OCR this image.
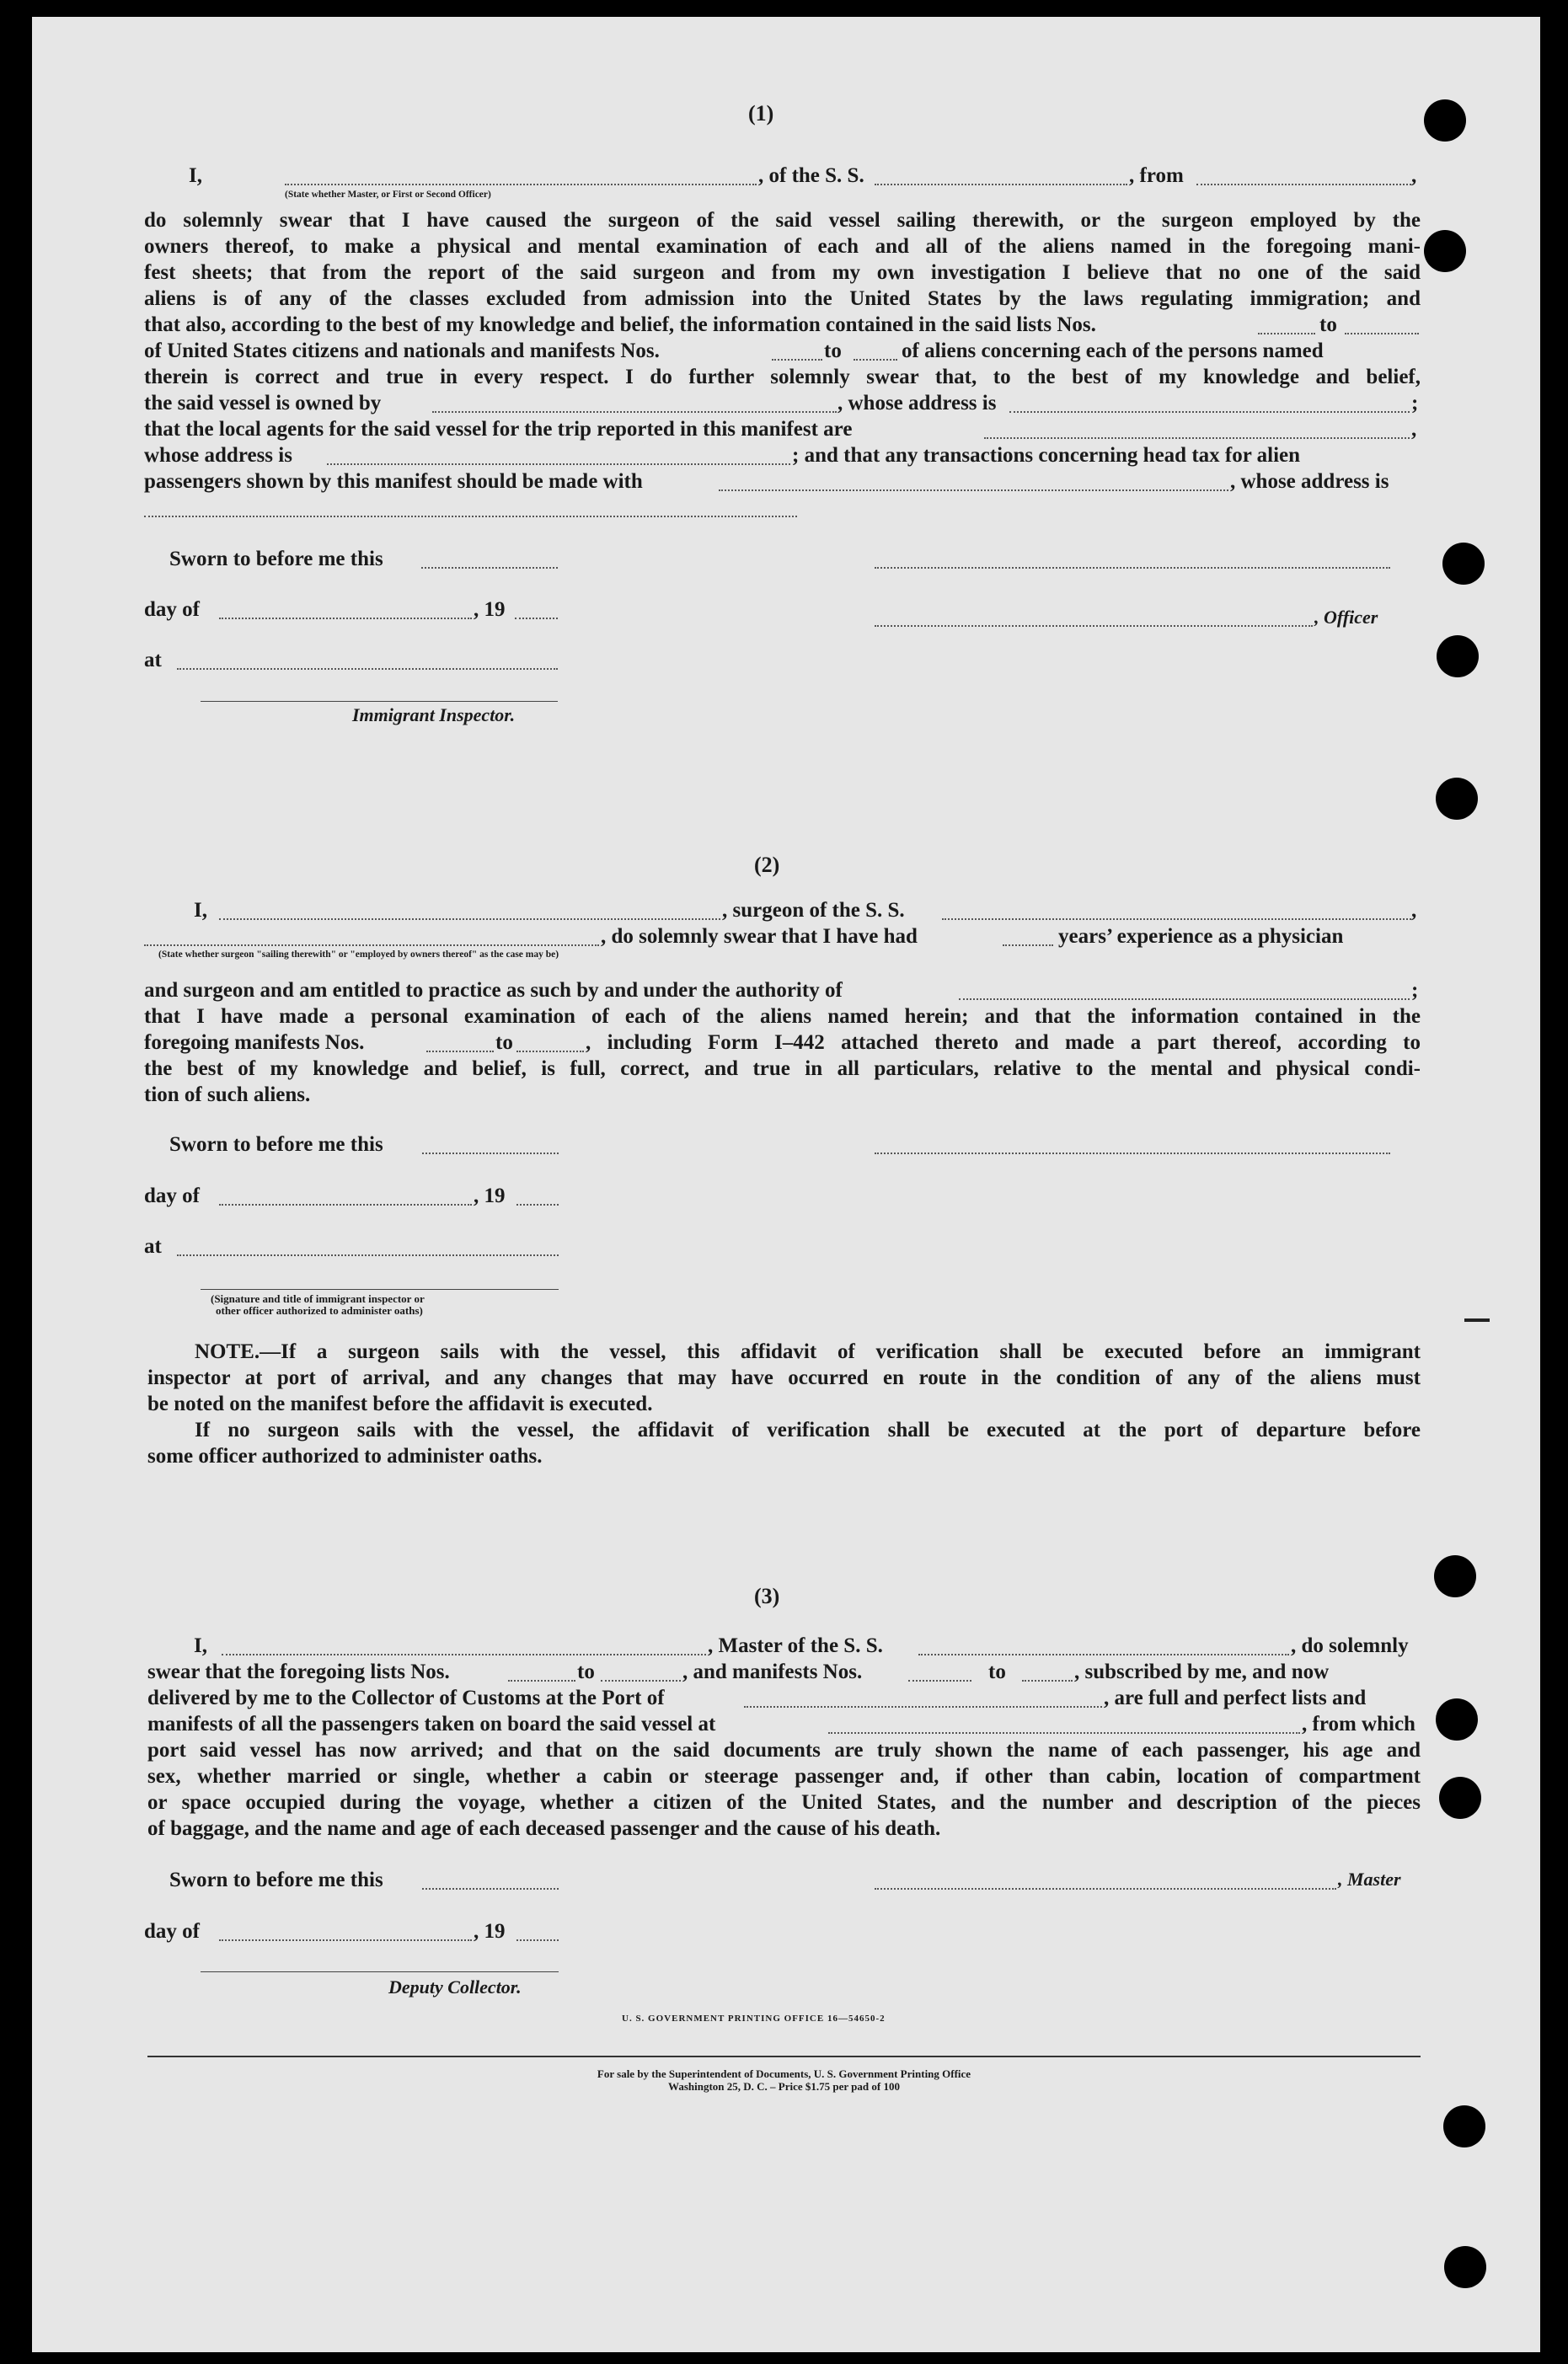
(1)
I,	, of the S. S.	, from	,
(State whether Master, or First or Second Officer)
do solemnly swear that I have caused the surgeon of the said vessel sailing therewith, or the surgeon employed by the
owners thereof, to make a physical and mental examination of each and all of the aliens named in the foregoing mani-
fest sheets; that from the report of the said surgeon and from my own investigation I believe that no one of the said
aliens is of any of the classes excluded from admission into the United States by the laws regulating immigration; and
that also, according to the best of my knowledge and belief, the information contained in the said lists Nos.	to
of United States citizens and nationals and manifests Nos.	to	of aliens concerning each of the persons named
therein is correct and true in every respect. I do further solemnly swear that, to the best of my knowledge and belief,
the said vessel is owned by	, whose address is	;
that the local agents for the said vessel for the trip reported in this manifest are	,
whose address is	; and that any transactions concerning head tax for alien
passengers shown by this manifest should be made with	, whose address is
Sworn to before me this
day of	, 19	, Officer
at
Immigrant Inspector.
(2)
I,	, surgeon of the S. S.	,
, do solemnly swear that I have had	years’ experience as a physician
(State whether surgeon "sailing therewith" or "employed by owners thereof" as the case may be)
and surgeon and am entitled to practice as such by and under the authority of	;
that I have made a personal examination of each of the aliens named herein; and that the information contained in the
foregoing manifests Nos.	to	, including Form I–442 attached thereto and made a part thereof, according to
the best of my knowledge and belief, is full, correct, and true in all particulars, relative to the mental and physical condi-
tion of such aliens.
Sworn to before me this
day of	, 19
at
(Signature and title of immigrant inspector or
other officer authorized to administer oaths)
NOTE.—If a surgeon sails with the vessel, this affidavit of verification shall be executed before an immigrant
inspector at port of arrival, and any changes that may have occurred en route in the condition of any of the aliens must
be noted on the manifest before the affidavit is executed.
If no surgeon sails with the vessel, the affidavit of verification shall be executed at the port of departure before
some officer authorized to administer oaths.
(3)
I,	, Master of the S. S.	, do solemnly
swear that the foregoing lists Nos.	to	, and manifests Nos.	to	, subscribed by me, and now
delivered by me to the Collector of Customs at the Port of	, are full and perfect lists and
manifests of all the passengers taken on board the said vessel at	, from which
port said vessel has now arrived; and that on the said documents are truly shown the name of each passenger, his age and
sex, whether married or single, whether a cabin or steerage passenger and, if other than cabin, location of compartment
or space occupied during the voyage, whether a citizen of the United States, and the number and description of the pieces
of baggage, and the name and age of each deceased passenger and the cause of his death.
Sworn to before me this	, Master
day of	, 19
Deputy Collector.
U. S. GOVERNMENT PRINTING OFFICE 16—54650-2
For sale by the Superintendent of Documents, U. S. Government Printing Office
Washington 25, D. C. – Price $1.75 per pad of 100
